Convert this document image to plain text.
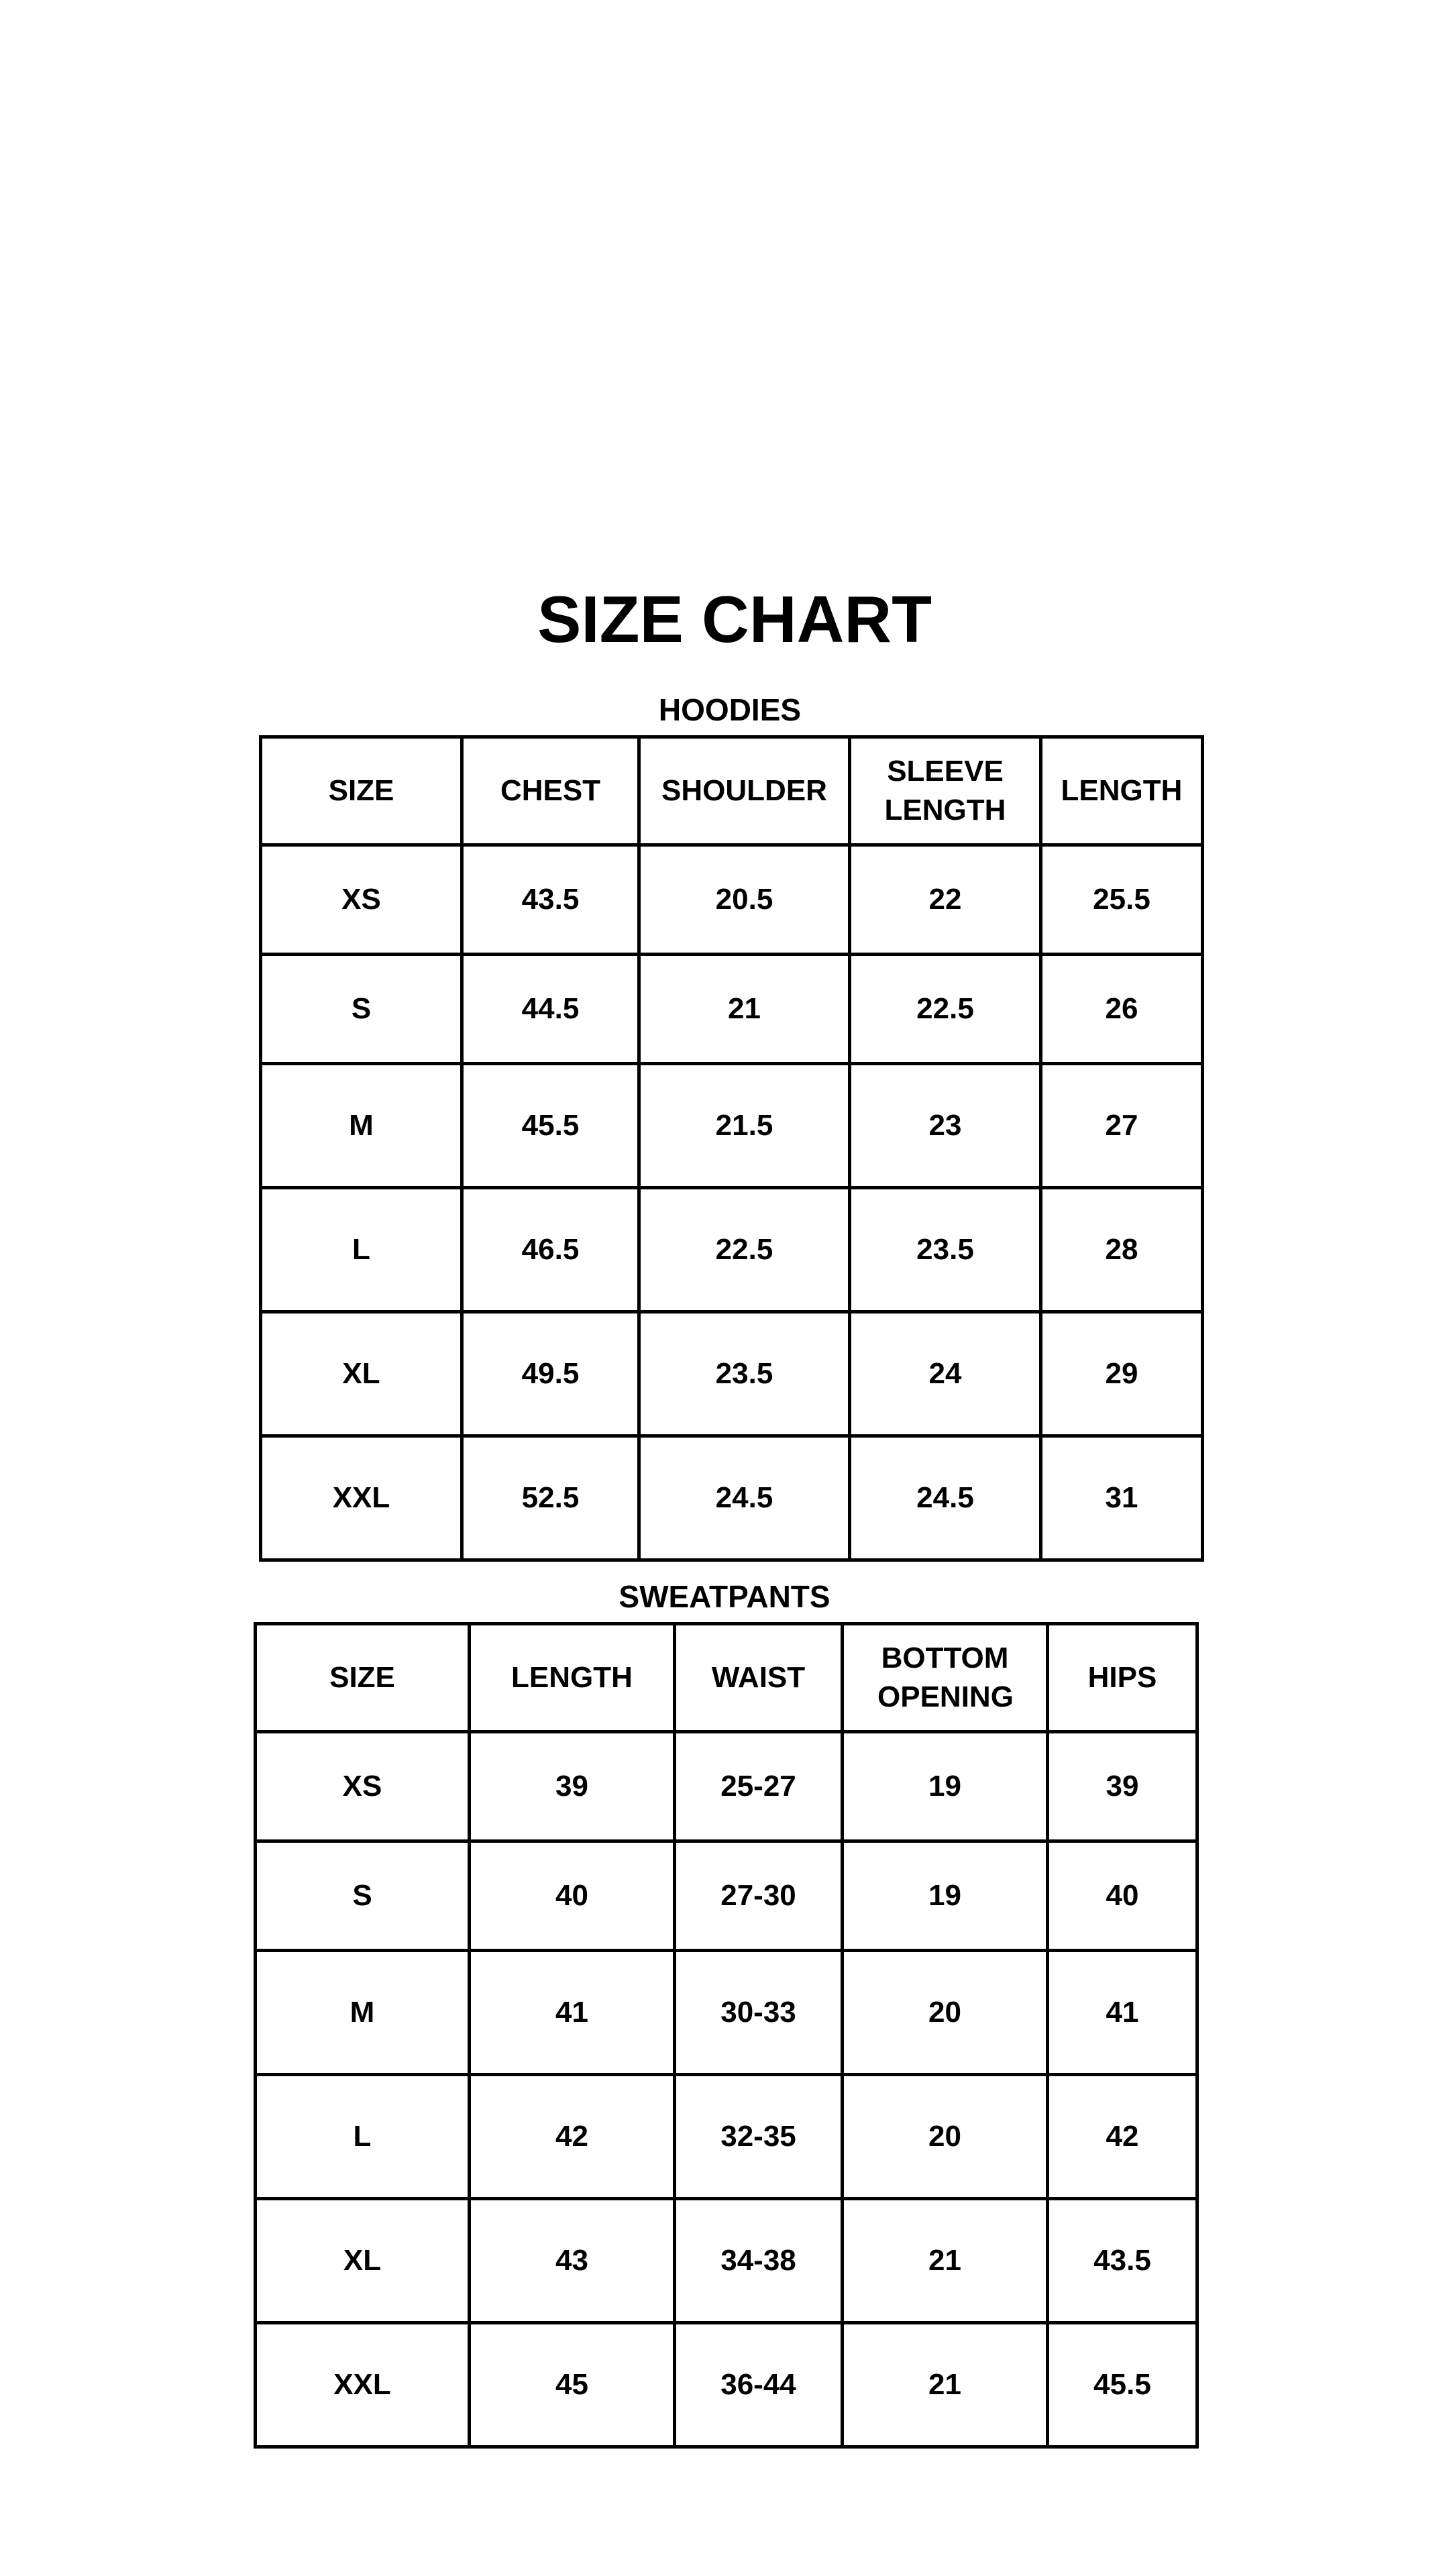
SIZE CHART
HOODIES
SIZE	CHEST	SHOULDER	SLEEVE LENGTH	LENGTH
XS	43.5	20.5	22	25.5
S	44.5	21	22.5	26
M	45.5	21.5	23	27
L	46.5	22.5	23.5	28
XL	49.5	23.5	24	29
XXL	52.5	24.5	24.5	31
SWEATPANTS
SIZE	LENGTH	WAIST	BOTTOM OPENING	HIPS
XS	39	25-27	19	39
S	40	27-30	19	40
M	41	30-33	20	41
L	42	32-35	20	42
XL	43	34-38	21	43.5
XXL	45	36-44	21	45.5
